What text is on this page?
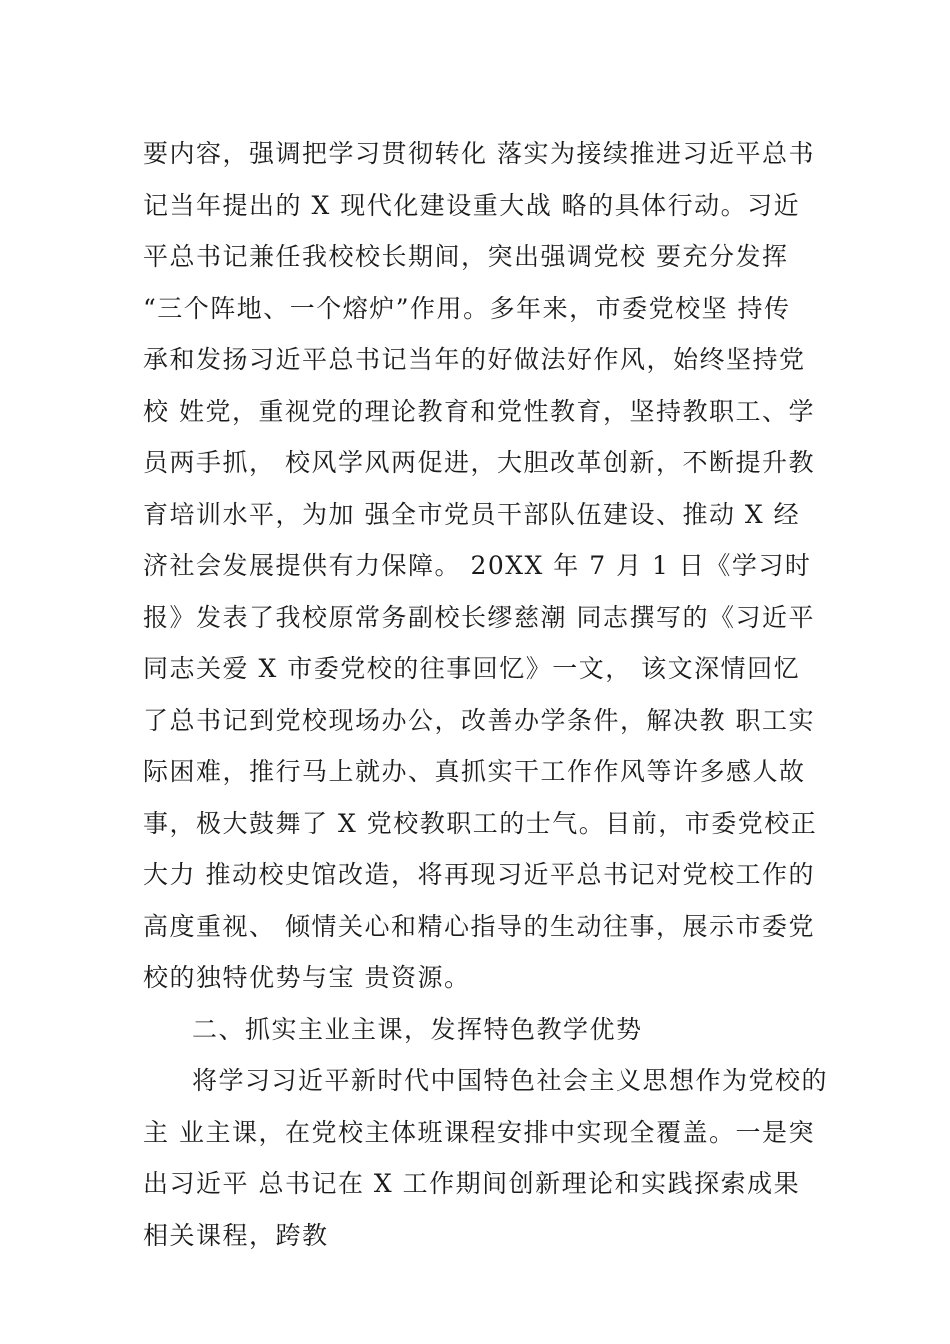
要内容，强调把学习贯彻转化 落实为接续推进习近平总书
记当年提出的 X 现代化建设重大战 略的具体行动。习近
平总书记兼任我校校长期间，突出强调党校 要充分发挥
“三个阵地、一个熔炉”作用。多年来，市委党校坚 持传
承和发扬习近平总书记当年的好做法好作风，始终坚持党
校 姓党，重视党的理论教育和党性教育，坚持教职工、学
员两手抓， 校风学风两促进，大胆改革创新，不断提升教
育培训水平，为加 强全市党员干部队伍建设、推动 X 经
济社会发展提供有力保障。 20XX 年 7 月 1 日《学习时
报》发表了我校原常务副校长缪慈潮 同志撰写的《习近平
同志关爱 X 市委党校的往事回忆》一文， 该文深情回忆
了总书记到党校现场办公，改善办学条件，解决教 职工实
际困难，推行马上就办、真抓实干工作作风等许多感人故
事，极大鼓舞了 X 党校教职工的士气。目前，市委党校正
大力 推动校史馆改造，将再现习近平总书记对党校工作的
高度重视、 倾情关心和精心指导的生动往事，展示市委党
校的独特优势与宝 贵资源。
二、抓实主业主课，发挥特色教学优势
将学习习近平新时代中国特色社会主义思想作为党校的
主 业主课，在党校主体班课程安排中实现全覆盖。一是突
出习近平 总书记在 X 工作期间创新理论和实践探索成果
相关课程，跨教
